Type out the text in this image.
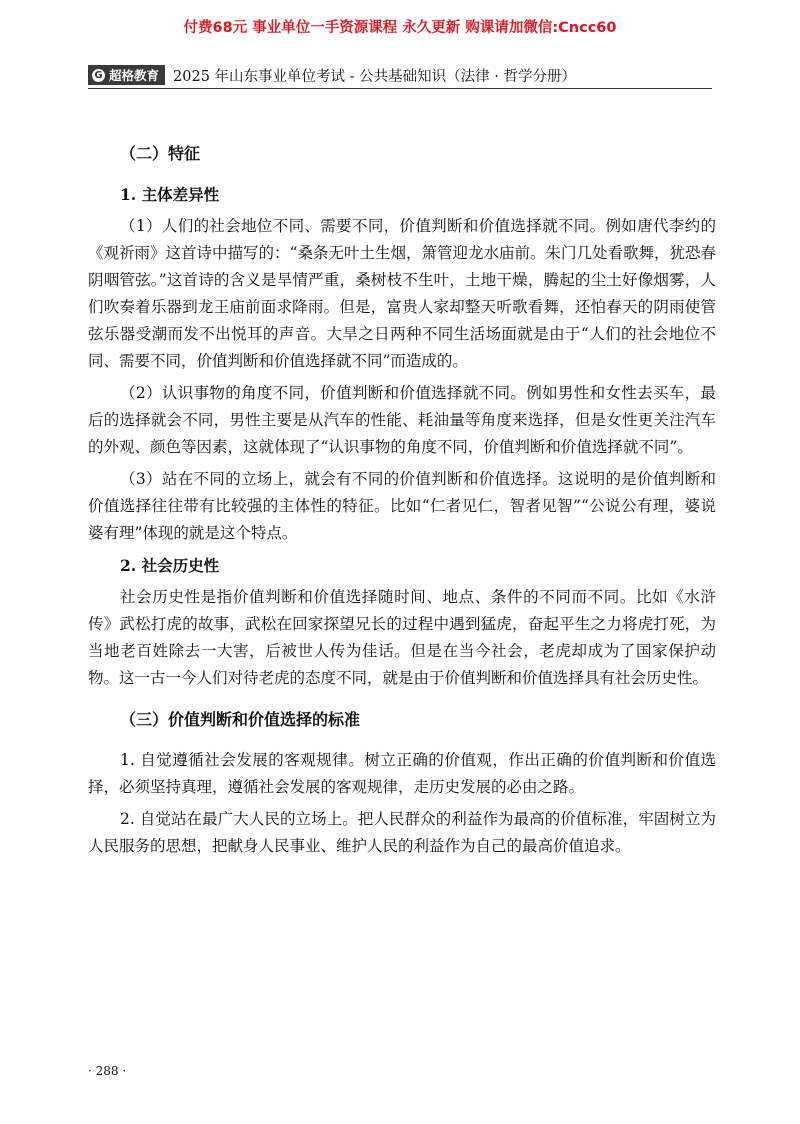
付费68元 事业单位一手资源课程 永久更新 购课请加微信:Cncc60
G 超格教育 2025 年山东事业单位考试 - 公共基础知识（法律 · 哲学分册）
（二）特征
1. 主体差异性

（1）人们的社会地位不同、需要不同，价值判断和价值选择就不同。例如唐代李约的《观祈雨》这首诗中描写的：“桑条无叶土生烟，箫管迎龙水庙前。朱门几处看歌舞，犹恐春阴咽管弦。”这首诗的含义是旱情严重，桑树枝不生叶，土地干燥，腾起的尘土好像烟雾，人们吹奏着乐器到龙王庙前面求降雨。但是，富贵人家却整天听歌看舞，还怕春天的阴雨使管弦乐器受潮而发不出悦耳的声音。大旱之日两种不同生活场面就是由于“人们的社会地位不同、需要不同，价值判断和价值选择就不同”而造成的。

（2）认识事物的角度不同，价值判断和价值选择就不同。例如男性和女性去买车，最后的选择就会不同，男性主要是从汽车的性能、耗油量等角度来选择，但是女性更关注汽车的外观、颜色等因素，这就体现了“认识事物的角度不同，价值判断和价值选择就不同”。

（3）站在不同的立场上，就会有不同的价值判断和价值选择。这说明的是价值判断和价值选择往往带有比较强的主体性的特征。比如“仁者见仁，智者见智”“公说公有理，婆说婆有理”体现的就是这个特点。

2. 社会历史性

社会历史性是指价值判断和价值选择随时间、地点、条件的不同而不同。比如《水浒传》武松打虎的故事，武松在回家探望兄长的过程中遇到猛虎，奋起平生之力将虎打死，为当地老百姓除去一大害，后被世人传为佳话。但是在当今社会，老虎却成为了国家保护动物。这一古一今人们对待老虎的态度不同，就是由于价值判断和价值选择具有社会历史性。

（三）价值判断和价值选择的标准

1. 自觉遵循社会发展的客观规律。树立正确的价值观，作出正确的价值判断和价值选择，必须坚持真理，遵循社会发展的客观规律，走历史发展的必由之路。

2. 自觉站在最广大人民的立场上。把人民群众的利益作为最高的价值标准，牢固树立为人民服务的思想，把献身人民事业、维护人民的利益作为自己的最高价值追求。

· 288 ·
